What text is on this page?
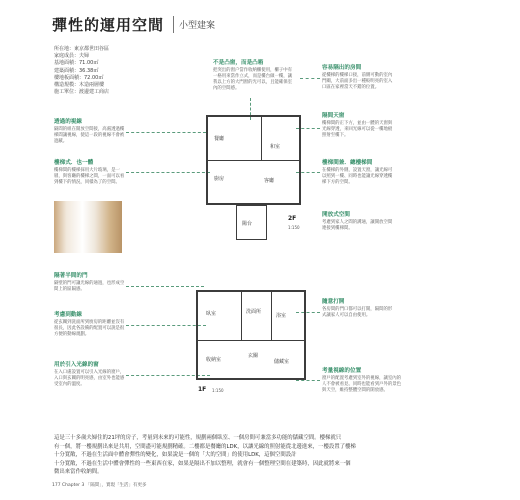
彈性的運用空間 小型建案
所在地：東京都世田谷區
家庭成員：夫婦
基地面積：71.00㎡
建築面積：36.38㎡
樓地板面積：72.00㎡
構造規模：木造兩層樓
施工單位：渡邊建工商店
透過的視線
隔間的組在開放空間接，高處透過樓梯間讓視線，使這一段的視線不會被遮蔽。
樓梯式．也一體
樓梯間的樓梯採用大片玻璃，是一層，與客廳的樓梯之間，一面可以看到樓下的情況，同樣為了的空間。
隔著半間的門
隔壁的門可讓光線的通過，也形成空間上的區隔感。
考慮到動線
從玄關到洗面所到廚房的距離並沒有很長，因此各設備的配置可以說是很方便的動線規劃。
用於引入光線的窗
在入口處設置可以引入光線的窗戶，入口與玄關的明亮感，由室外也能感受室內的溫度。
不是凸窗，而是凸箱
把突出的窗户當作收納櫃使用，櫃子中有一格用來當作立式，而是樓台做一樓，讓我以上方的大門窗的光可以，且能確保室內的空間感。
容易隔出的房間
從樓梯的樓梯口接，前側可動的室內門關，大前面多出一種較明亮的室入口區在家裡當天不錯的位置。
隔間天窗
樓梯間的正下方，並由一體的天窗與光線穿透，來回光線可以從一樓地板照射至樓下。
樓梯間兼．總樓梯間
在樓梯的外側，設置天窗，讓光線可以照到一樓、同時也能讓光線穿透樓梯下方的空間。
開放式空間
考慮到家人之間的溝通，讓開放空間連接到樓梯間。
隨意打開
各房間的門口都可以打開，隔間的形式讓家人可以自由使用。
考量視線的位置
窗戶的配置考慮到室外的視線，讓室內的人不會被看見、同時也能看到戶外的景色與天空，維持整體空間的開放感。
和室
餐廳
廚房	客廳
陽台
2F
1:150
臥室	洗面所
浴室
收納室
玄關
儲藏室
1F 1:150
這是三十多歲夫婦住的21坪的房子，考量到未來的可能性，規劃兩個臥室、一個房間可兼當多功能的儲藏空間。樓梯就只
有一個，將一樓規劃出來是共用，空間盡可能規劃精確。二樓都是餐廳的LDK，以讓光線的照射能從北邊進來，一樓設置了樓梯
十分寬敞，不過在生活面中體會彈性的變化，如果說是一個的「大的空間」的使用LDK，這個空間設計
十分寬敞，不過在生活中體會彈性的一些東西在家，如果是隔出不加以整理，就會有一個整理空間在建築時，因此就將來一個
微出來當作收納間。
177 Chapter 3 「隔間」，實現「生活」有更多
